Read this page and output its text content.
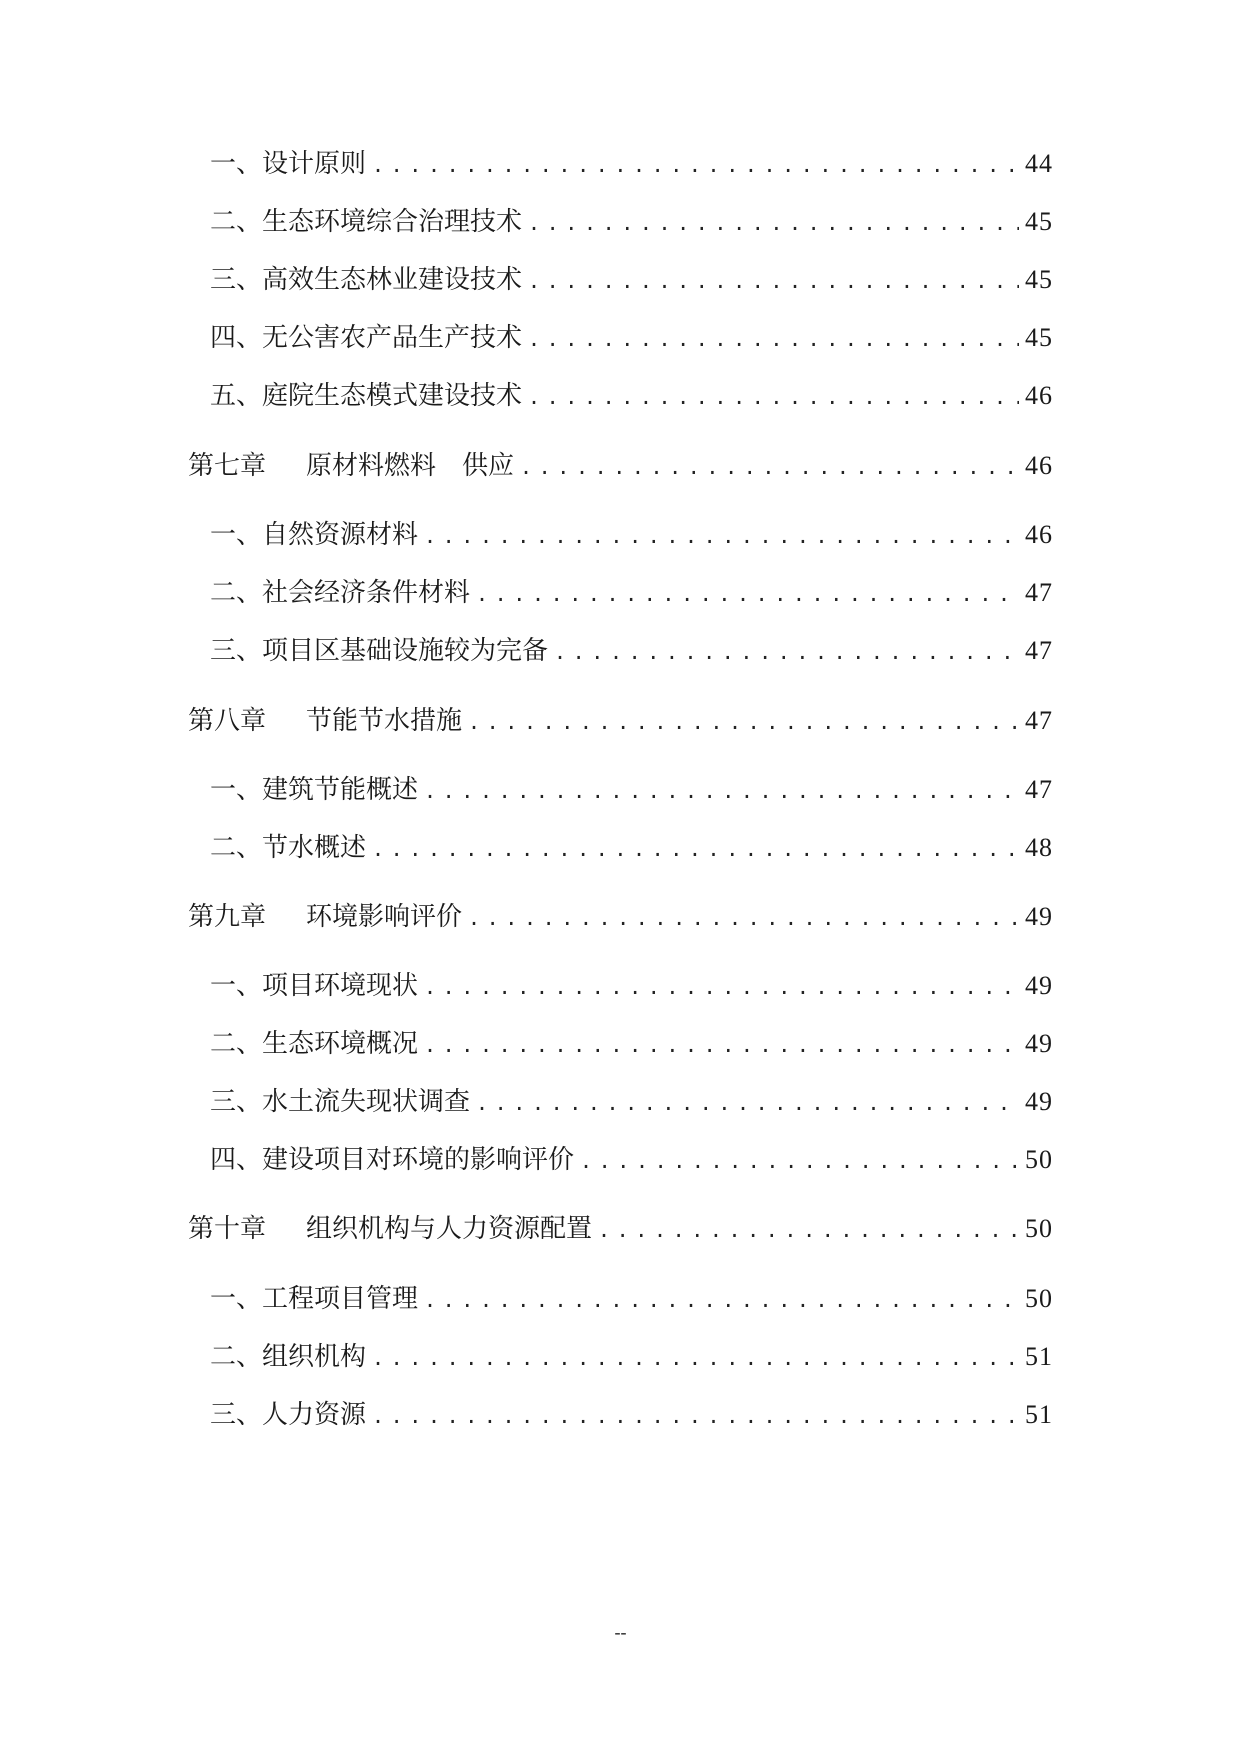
一、设计原则 .....	44
二、生态环境综合治理技术 .....	45
三、高效生态林业建设技术 .....	45
四、无公害农产品生产技术 .....	45
五、庭院生态模式建设技术 .....	46
第七章 原材料燃料　供应 .....	46
一、自然资源材料 .....	46
二、社会经济条件材料 .....	47
三、项目区基础设施较为完备 .....	47
第八章 节能节水措施 .....	47
一、建筑节能概述 .....	47
二、节水概述 .....	48
第九章 环境影响评价 .....	49
一、项目环境现状 .....	49
二、生态环境概况 .....	49
三、水土流失现状调查 .....	49
四、建设项目对环境的影响评价 .....	50
第十章 组织机构与人力资源配置 .....	50
一、工程项目管理 .....	50
二、组织机构 .....	51
三、人力资源 .....	51
--
